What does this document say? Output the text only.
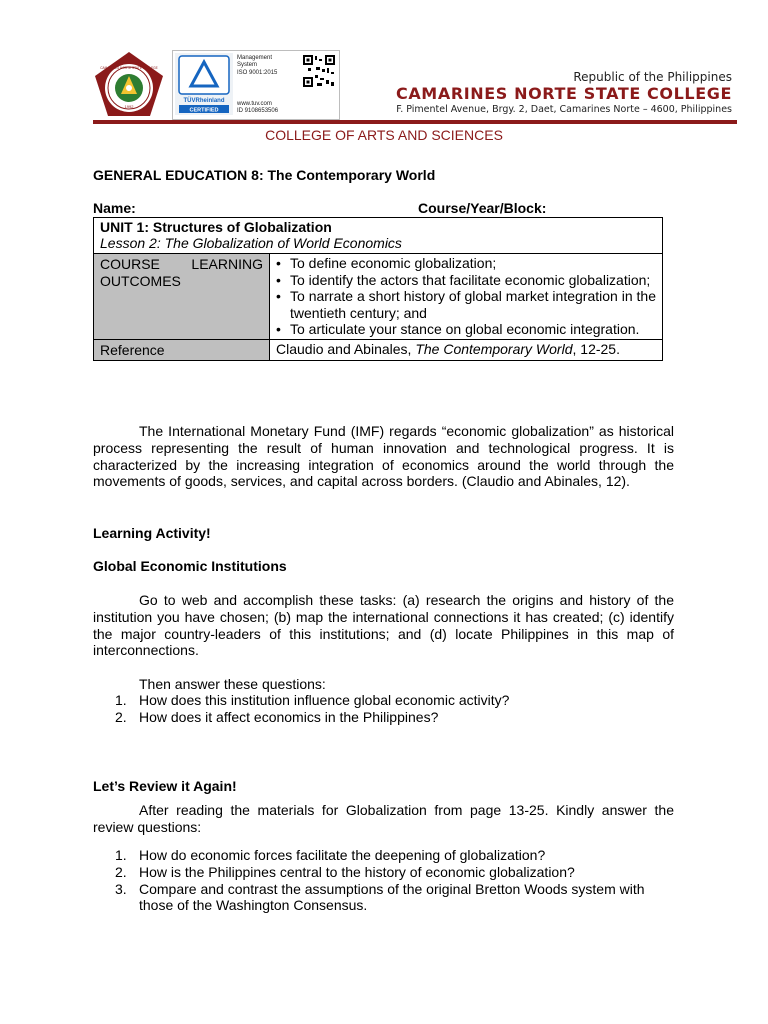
1992
CAMARINES NORTE STATE COLLEGE
TÜVRheinland
CERTIFIED
Management
System
ISO 9001:2015
www.tuv.com
ID 9108653506
Republic of the Philippines
CAMARINES NORTE STATE COLLEGE
F. Pimentel Avenue, Brgy. 2, Daet, Camarines Norte – 4600, Philippines
COLLEGE OF ARTS AND SCIENCES
GENERAL EDUCATION 8: The Contemporary World
Name:	Course/Year/Block:
UNIT 1: Structures of Globalization
Lesson 2: The Globalization of World Economics
COURSE LEARNING
OUTCOMES
• To define economic globalization;
• To identify the actors that facilitate economic globalization;
• To narrate a short history of global market integration in the twentieth century; and
• To articulate your stance on global economic integration.
Reference	Claudio and Abinales, The Contemporary World, 12-25.
The International Monetary Fund (IMF) regards “economic globalization” as historical process representing the result of human innovation and technological progress. It is characterized by the increasing integration of economics around the world through the movements of goods, services, and capital across borders. (Claudio and Abinales, 12).
Learning Activity!
Global Economic Institutions
Go to web and accomplish these tasks: (a) research the origins and history of the institution you have chosen; (b) map the international connections it has created; (c) identify the major country-leaders of this institutions; and (d) locate Philippines in this map of interconnections.
Then answer these questions:
1. How does this institution influence global economic activity?
2. How does it affect economics in the Philippines?
Let’s Review it Again!
After reading the materials for Globalization from page 13-25. Kindly answer the review questions:
1. How do economic forces facilitate the deepening of globalization?
2. How is the Philippines central to the history of economic globalization?
3. Compare and contrast the assumptions of the original Bretton Woods system with those of the Washington Consensus.
